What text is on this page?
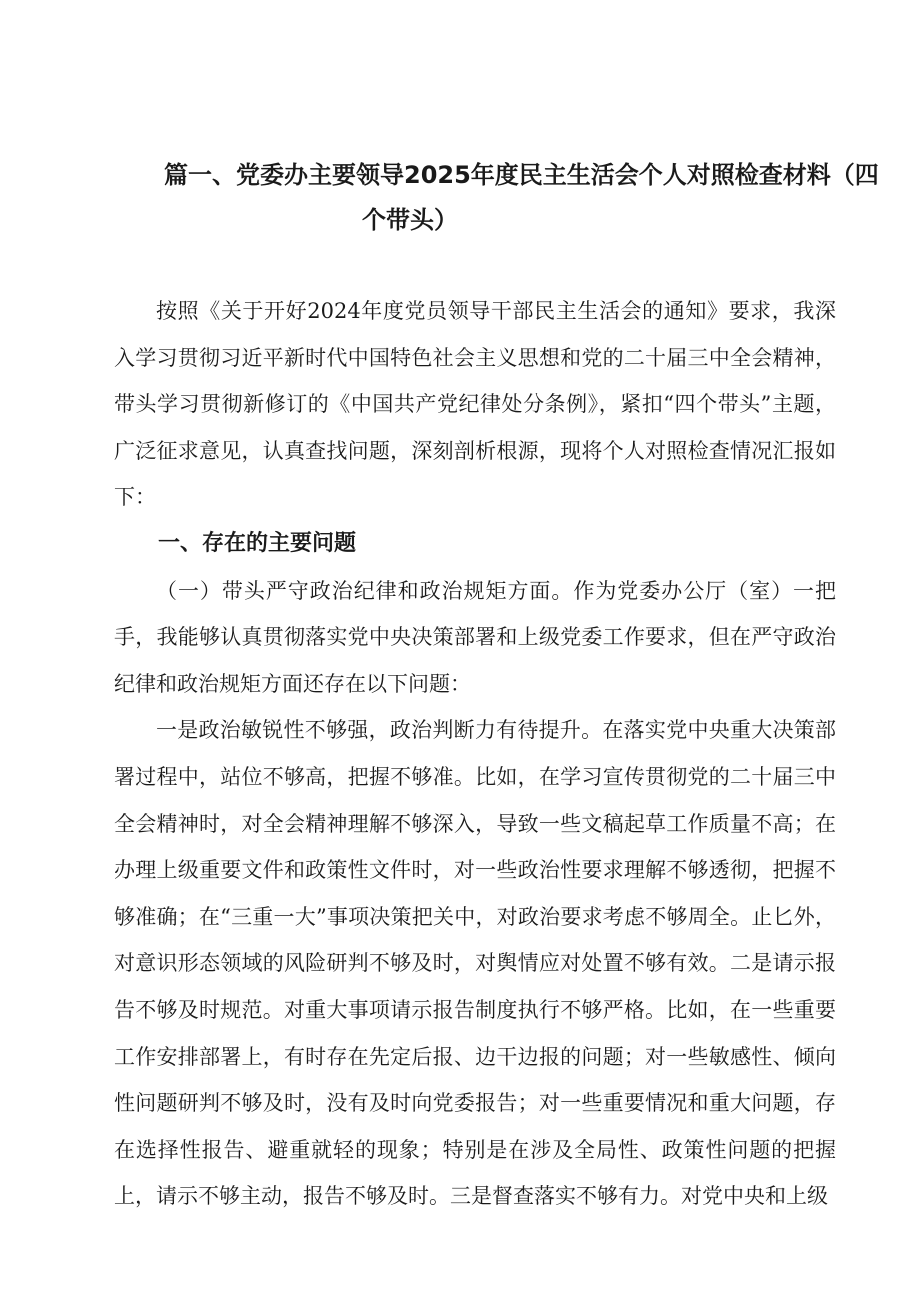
篇一、党委办主要领导2025年度民主生活会个人对照检查材料（四
个带头）

按照《关于开好2024年度党员领导干部民主生活会的通知》要求，我深入学习贯彻习近平新时代中国特色社会主义思想和党的二十届三中全会精神，带头学习贯彻新修订的《中国共产党纪律处分条例》，紧扣“四个带头”主题，广泛征求意见，认真查找问题，深刻剖析根源，现将个人对照检查情况汇报如下：

一、存在的主要问题

（一）带头严守政治纪律和政治规矩方面。作为党委办公厅（室）一把手，我能够认真贯彻落实党中央决策部署和上级党委工作要求，但在严守政治纪律和政治规矩方面还存在以下问题：

一是政治敏锐性不够强，政治判断力有待提升。在落实党中央重大决策部署过程中，站位不够高，把握不够准。比如，在学习宣传贯彻党的二十届三中全会精神时，对全会精神理解不够深入，导致一些文稿起草工作质量不高；在办理上级重要文件和政策性文件时，对一些政治性要求理解不够透彻，把握不够准确；在“三重一大”事项决策把关中，对政治要求考虑不够周全。止匕外，对意识形态领域的风险研判不够及时，对舆情应对处置不够有效。二是请示报告不够及时规范。对重大事项请示报告制度执行不够严格。比如，在一些重要工作安排部署上，有时存在先定后报、边干边报的问题；对一些敏感性、倾向性问题研判不够及时，没有及时向党委报告；对一些重要情况和重大问题，存在选择性报告、避重就轻的现象；特别是在涉及全局性、政策性问题的把握上，请示不够主动，报告不够及时。三是督查落实不够有力。对党中央和上级
